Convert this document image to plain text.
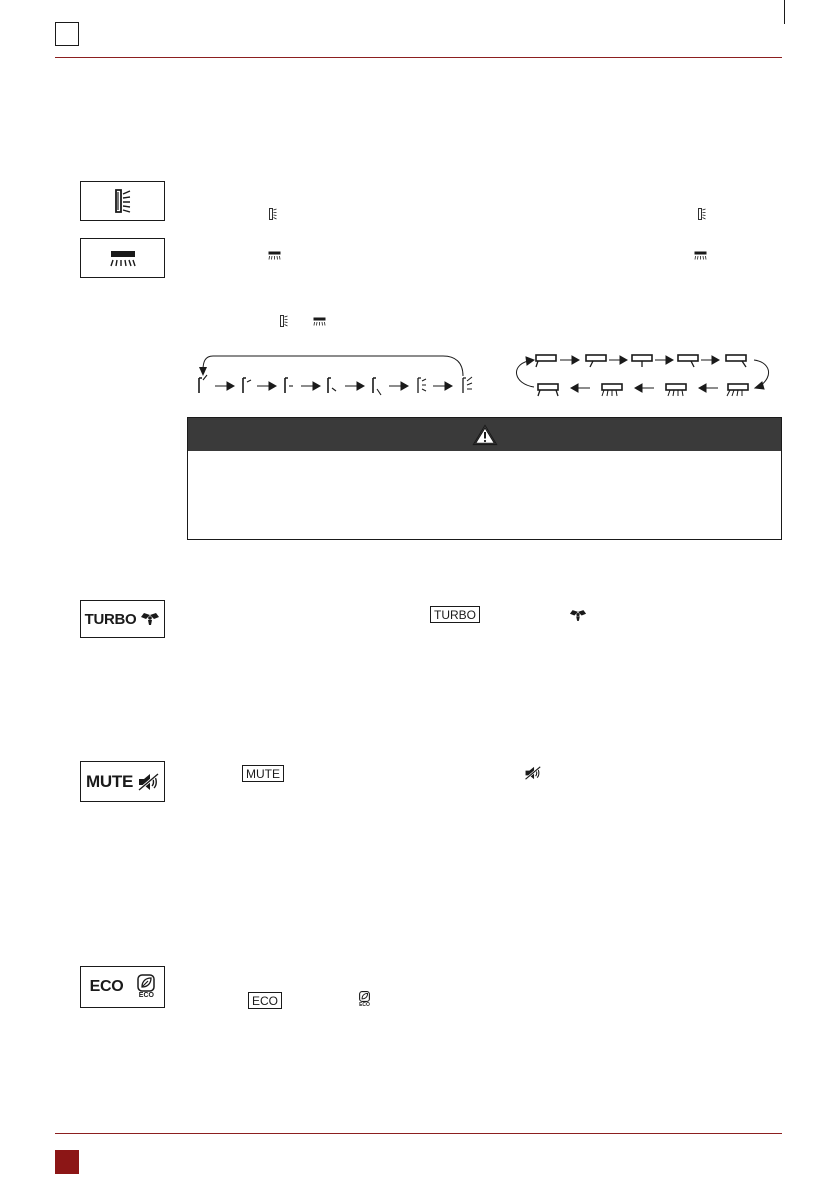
TURBO	TURBO
MUTE	MUTE
ECO
ECO	ECO	ECO
